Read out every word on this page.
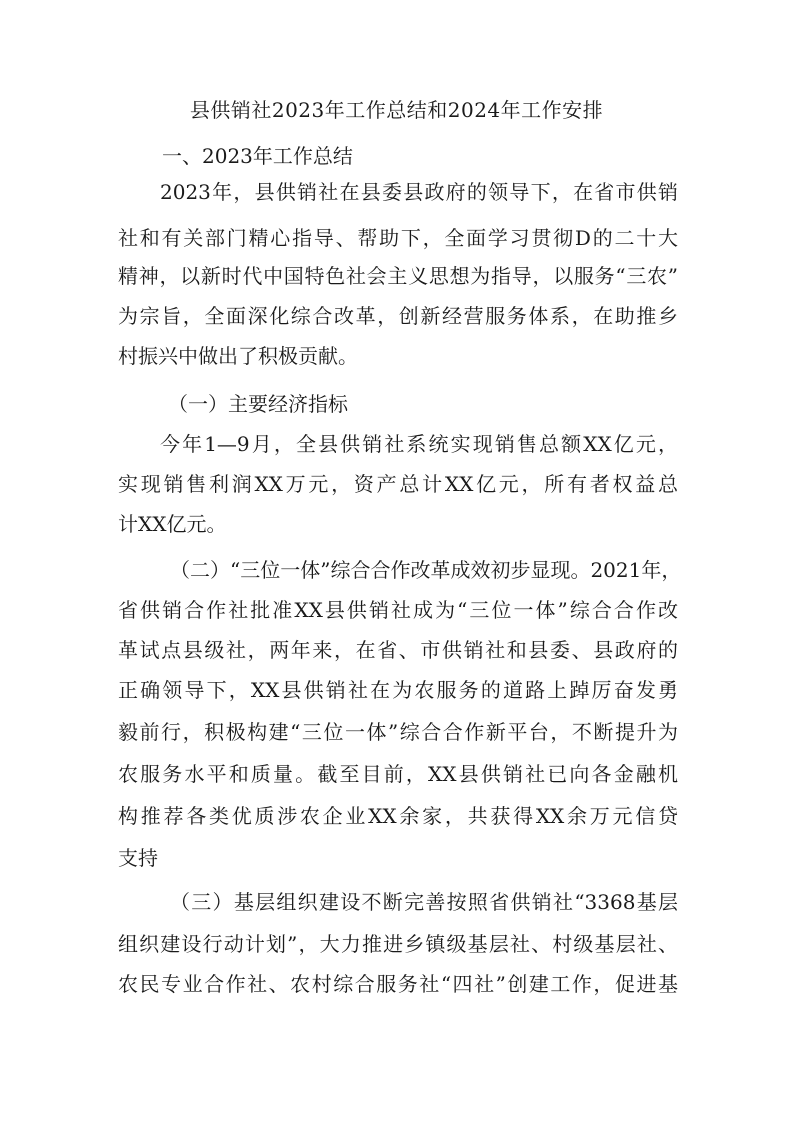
县供销社2023年工作总结和2024年工作安排
一、2023年工作总结
2023年，县供销社在县委县政府的领导下，在省市供销
社和有关部门精心指导、帮助下，全面学习贯彻D的二十大
精神，以新时代中国特色社会主义思想为指导，以服务“三农”
为宗旨，全面深化综合改革，创新经营服务体系，在助推乡
村振兴中做出了积极贡献。
（一）主要经济指标
今年1—9月，全县供销社系统实现销售总额XX亿元，
实现销售利润XX万元，资产总计XX亿元，所有者权益总
计XX亿元。
（二）“三位一体”综合合作改革成效初步显现。2021年，
省供销合作社批准XX县供销社成为“三位一体”综合合作改
革试点县级社，两年来，在省、市供销社和县委、县政府的
正确领导下，XX县供销社在为农服务的道路上踔厉奋发勇
毅前行，积极构建“三位一体”综合合作新平台，不断提升为
农服务水平和质量。截至目前，XX县供销社已向各金融机
构推荐各类优质涉农企业XX余家，共获得XX余万元信贷
支持
（三）基层组织建设不断完善按照省供销社“3368基层
组织建设行动计划”，大力推进乡镇级基层社、村级基层社、
农民专业合作社、农村综合服务社“四社”创建工作，促进基
